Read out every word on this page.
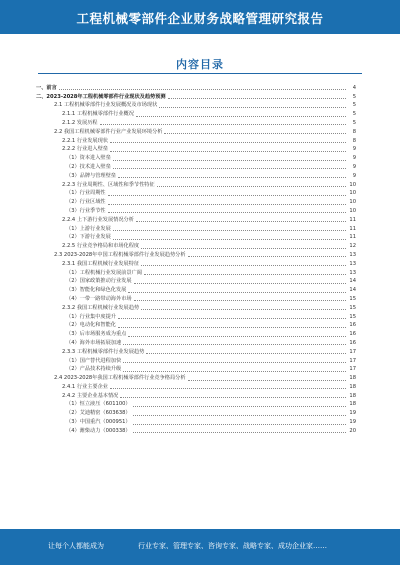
工程机械零部件企业财务战略管理研究报告
内容目录
一、前言	4
二、2023-2028年工程机械零部件行业现状及趋势预测	5
2.1 工程机械零部件行业发展概况及市场现状	5
2.1.1 工程机械零部件行业概况	5
2.1.2 发展历程	5
2.2 我国工程机械零部件行业产业发展环境分析	8
2.2.1 行业发展现状	8
2.2.2 行业进入壁垒	9
（1）资本进入壁垒	9
（2）技术进入壁垒	9
（3）品牌与管理壁垒	9
2.2.3 行业周期性、区域性和季节性特征	10
（1）行业周期性	10
（2）行业区域性	10
（3）行业季节性	10
2.2.4 上下游行业发展情况分析	11
（1）上游行业发展	11
（2）下游行业发展	11
2.2.5 行业竞争格局和市场化程度	12
2.3 2023-2028年中国工程机械零部件行业发展趋势分析	13
2.3.1 我国工程机械行业发展特征	13
（1）工程机械行业发展前景广阔	13
（2）国家政策推动行业发展	14
（3）智能化和绿色化发展	14
（4）一带一路带动海外市场	15
2.3.2 我国工程机械行业发展趋势	15
（1）行业集中度提升	15
（2）电动化和智能化	16
（3）后市场服务成为重点	16
（4）海外市场拓展加速	16
2.3.3 工程机械零部件行业发展趋势	17
（1）国产替代进程加快	17
（2）产品技术持续升级	17
2.4 2023-2028年我国工程机械零部件行业竞争格局分析	18
2.4.1 行业主要企业	18
2.4.2 主要企业基本情况	18
（1）恒立液压（601100）	18
（2）艾迪精密（603638）	19
（3）中国重汽（000951）	19
（4）潍柴动力（000338）	20
让每个人都能成为	行业专家、管理专家、咨询专家、战略专家、成功企业家……
